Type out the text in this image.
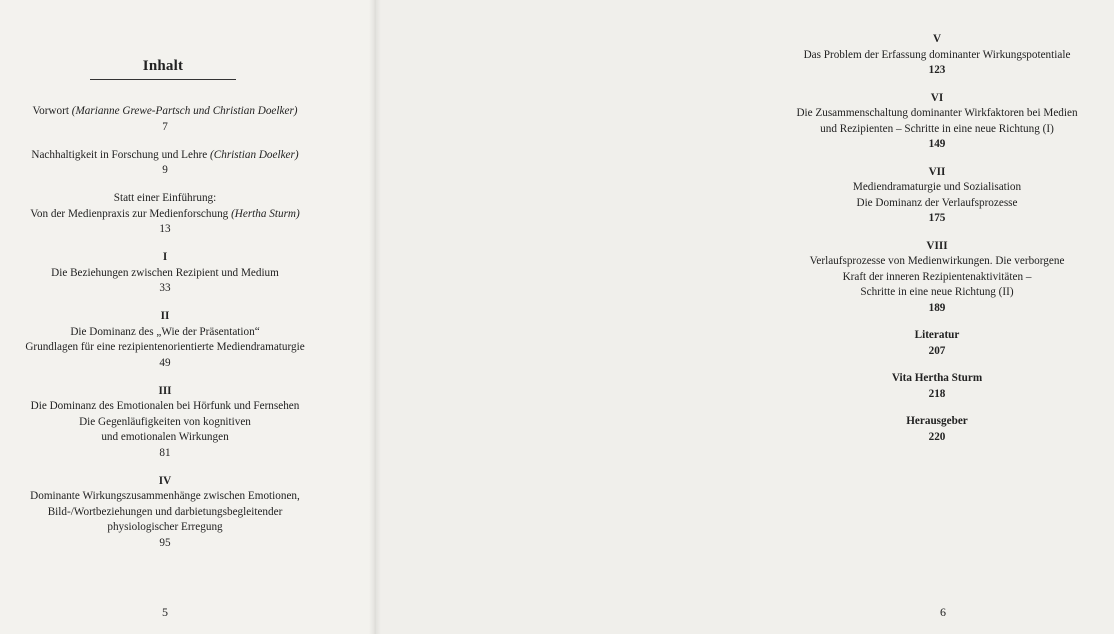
Inhalt
Vorwort (Marianne Grewe-Partsch und Christian Doelker)
7
Nachhaltigkeit in Forschung und Lehre (Christian Doelker)
9
Statt einer Einführung:
Von der Medienpraxis zur Medienforschung (Hertha Sturm)
13
I
Die Beziehungen zwischen Rezipient und Medium
33
II
Die Dominanz des „Wie der Präsentation“
Grundlagen für eine rezipientenorientierte Mediendramaturgie
49
III
Die Dominanz des Emotionalen bei Hörfunk und Fernsehen
Die Gegenläufigkeiten von kognitiven
und emotionalen Wirkungen
81
IV
Dominante Wirkungszusammenhänge zwischen Emotionen,
Bild-/Wortbeziehungen und darbietungsbegleitender
physiologischer Erregung
95
5
V
Das Problem der Erfassung dominanter Wirkungspotentiale
123
VI
Die Zusammenschaltung dominanter Wirkfaktoren bei Medien
und Rezipienten – Schritte in eine neue Richtung (I)
149
VII
Mediendramaturgie und Sozialisation
Die Dominanz der Verlaufsprozesse
175
VIII
Verlaufsprozesse von Medienwirkungen. Die verborgene
Kraft der inneren Rezipientenaktivitäten –
Schritte in eine neue Richtung (II)
189
Literatur
207
Vita Hertha Sturm
218
Herausgeber
220
6
